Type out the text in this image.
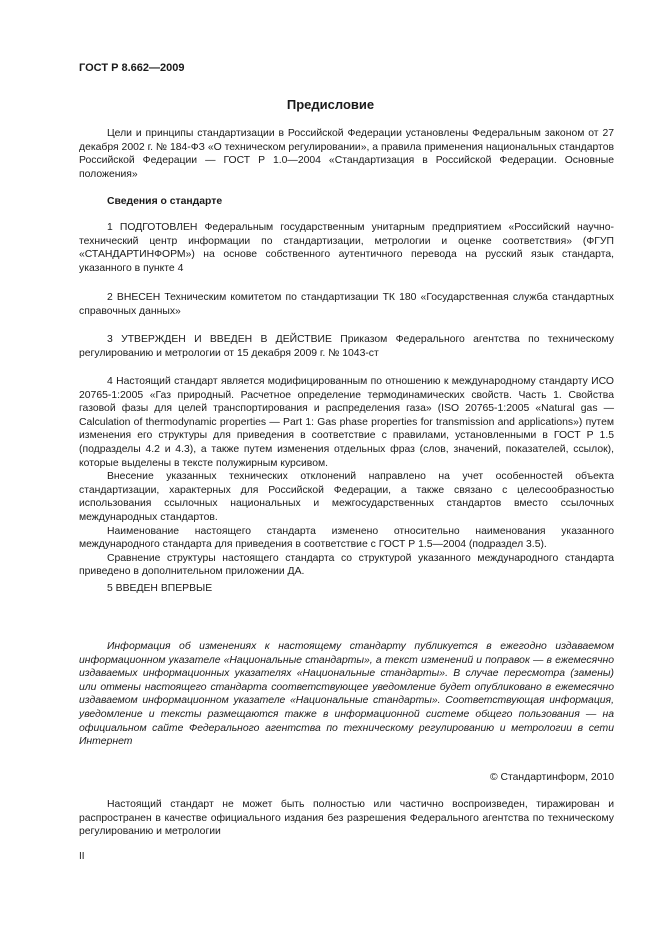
ГОСТ Р 8.662—2009
Предисловие

Цели и принципы стандартизации в Российской Федерации установлены Федеральным законом от 27 декабря 2002 г. № 184-ФЗ «О техническом регулировании», а правила применения национальных стандартов Российской Федерации — ГОСТ Р 1.0—2004 «Стандартизация в Российской Федерации. Основные положения»

Сведения о стандарте

1 ПОДГОТОВЛЕН Федеральным государственным унитарным предприятием «Российский научно-технический центр информации по стандартизации, метрологии и оценке соответствия» (ФГУП «СТАНДАРТИНФОРМ») на основе собственного аутентичного перевода на русский язык стандарта, указанного в пункте 4

2 ВНЕСЕН Техническим комитетом по стандартизации ТК 180 «Государственная служба стандартных справочных данных»

3 УТВЕРЖДЕН И ВВЕДЕН В ДЕЙСТВИЕ Приказом Федерального агентства по техническому регулированию и метрологии от 15 декабря 2009 г. № 1043-ст

4 Настоящий стандарт является модифицированным по отношению к международному стандарту ИСО 20765-1:2005 «Газ природный. Расчетное определение термодинамических свойств. Часть 1. Свойства газовой фазы для целей транспортирования и распределения газа» (ISO 20765-1:2005 «Natural gas — Calculation of thermodynamic properties — Part 1: Gas phase properties for transmission and applications») путем изменения его структуры для приведения в соответствие с правилами, установленными в ГОСТ Р 1.5 (подразделы 4.2 и 4.3), а также путем изменения отдельных фраз (слов, значений, показателей, ссылок), которые выделены в тексте полужирным курсивом.

Внесение указанных технических отклонений направлено на учет особенностей объекта стандартизации, характерных для Российской Федерации, а также связано с целесообразностью использования ссылочных национальных и межгосударственных стандартов вместо ссылочных международных стандартов.

Наименование настоящего стандарта изменено относительно наименования указанного международного стандарта для приведения в соответствие с ГОСТ Р 1.5—2004 (подраздел 3.5).

Сравнение структуры настоящего стандарта со структурой указанного международного стандарта приведено в дополнительном приложении ДА.

5 ВВЕДЕН ВПЕРВЫЕ

Информация об изменениях к настоящему стандарту публикуется в ежегодно издаваемом информационном указателе «Национальные стандарты», а текст изменений и поправок — в ежемесячно издаваемых информационных указателях «Национальные стандарты». В случае пересмотра (замены) или отмены настоящего стандарта соответствующее уведомление будет опубликовано в ежемесячно издаваемом информационном указателе «Национальные стандарты». Соответствующая информация, уведомление и тексты размещаются также в информационной системе общего пользования — на официальном сайте Федерального агентства по техническому регулированию и метрологии в сети Интернет

© Стандартинформ, 2010

Настоящий стандарт не может быть полностью или частично воспроизведен, тиражирован и распространен в качестве официального издания без разрешения Федерального агентства по техническому регулированию и метрологии

II
